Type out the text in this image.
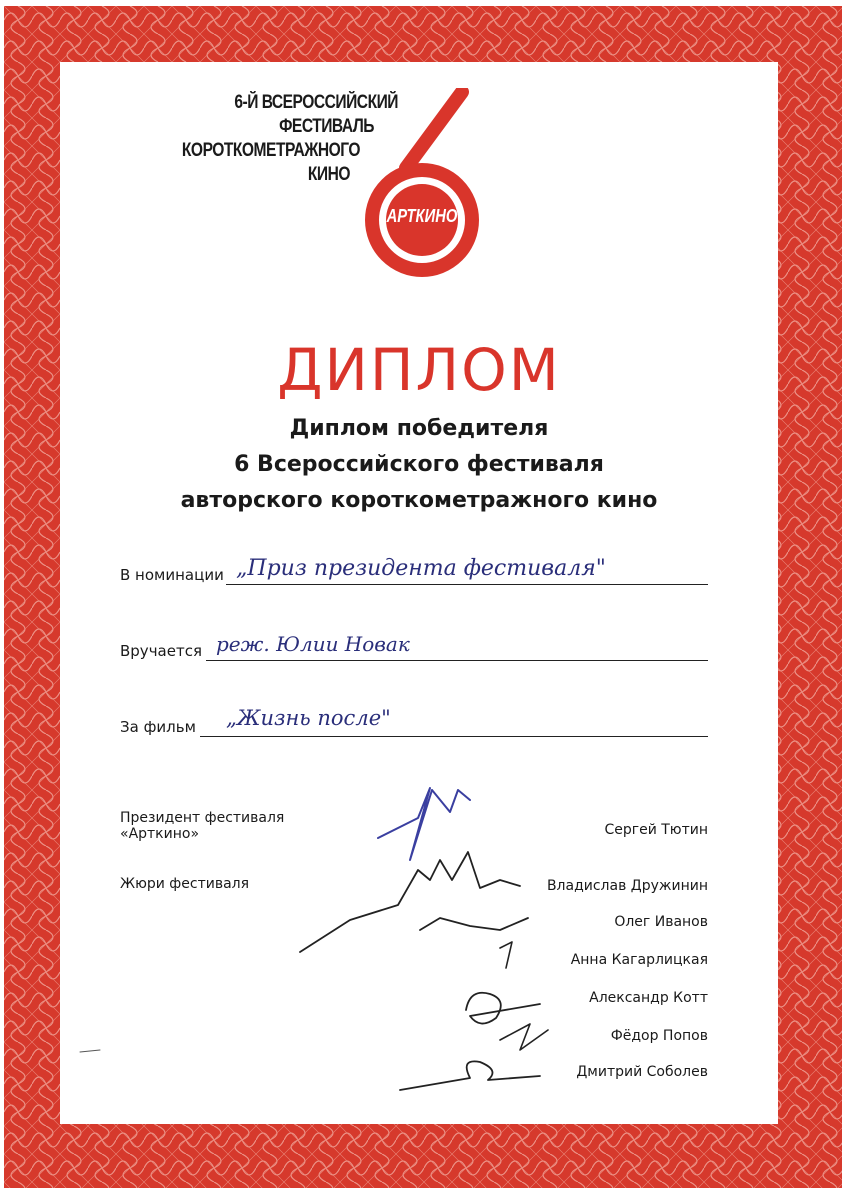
6-Й ВСЕРОССИЙСКИЙ
ФЕСТИВАЛЬ
КОРОТКОМЕТРАЖНОГО
КИНО
АРТКИНО
ДИПЛОМ
Диплом победителя
6 Всероссийского фестиваля
авторского короткометражного кино
В номинации „Приз президента фестиваля"
Вручается реж. Юлии Новак
За фильм „Жизнь после"
Президент фестиваля
«Арткино»	Сергей Тютин
Жюри фестиваля	Владислав Дружинин
Олег Иванов
Анна Кагарлицкая
Александр Котт
Фёдор Попов
Дмитрий Соболев
